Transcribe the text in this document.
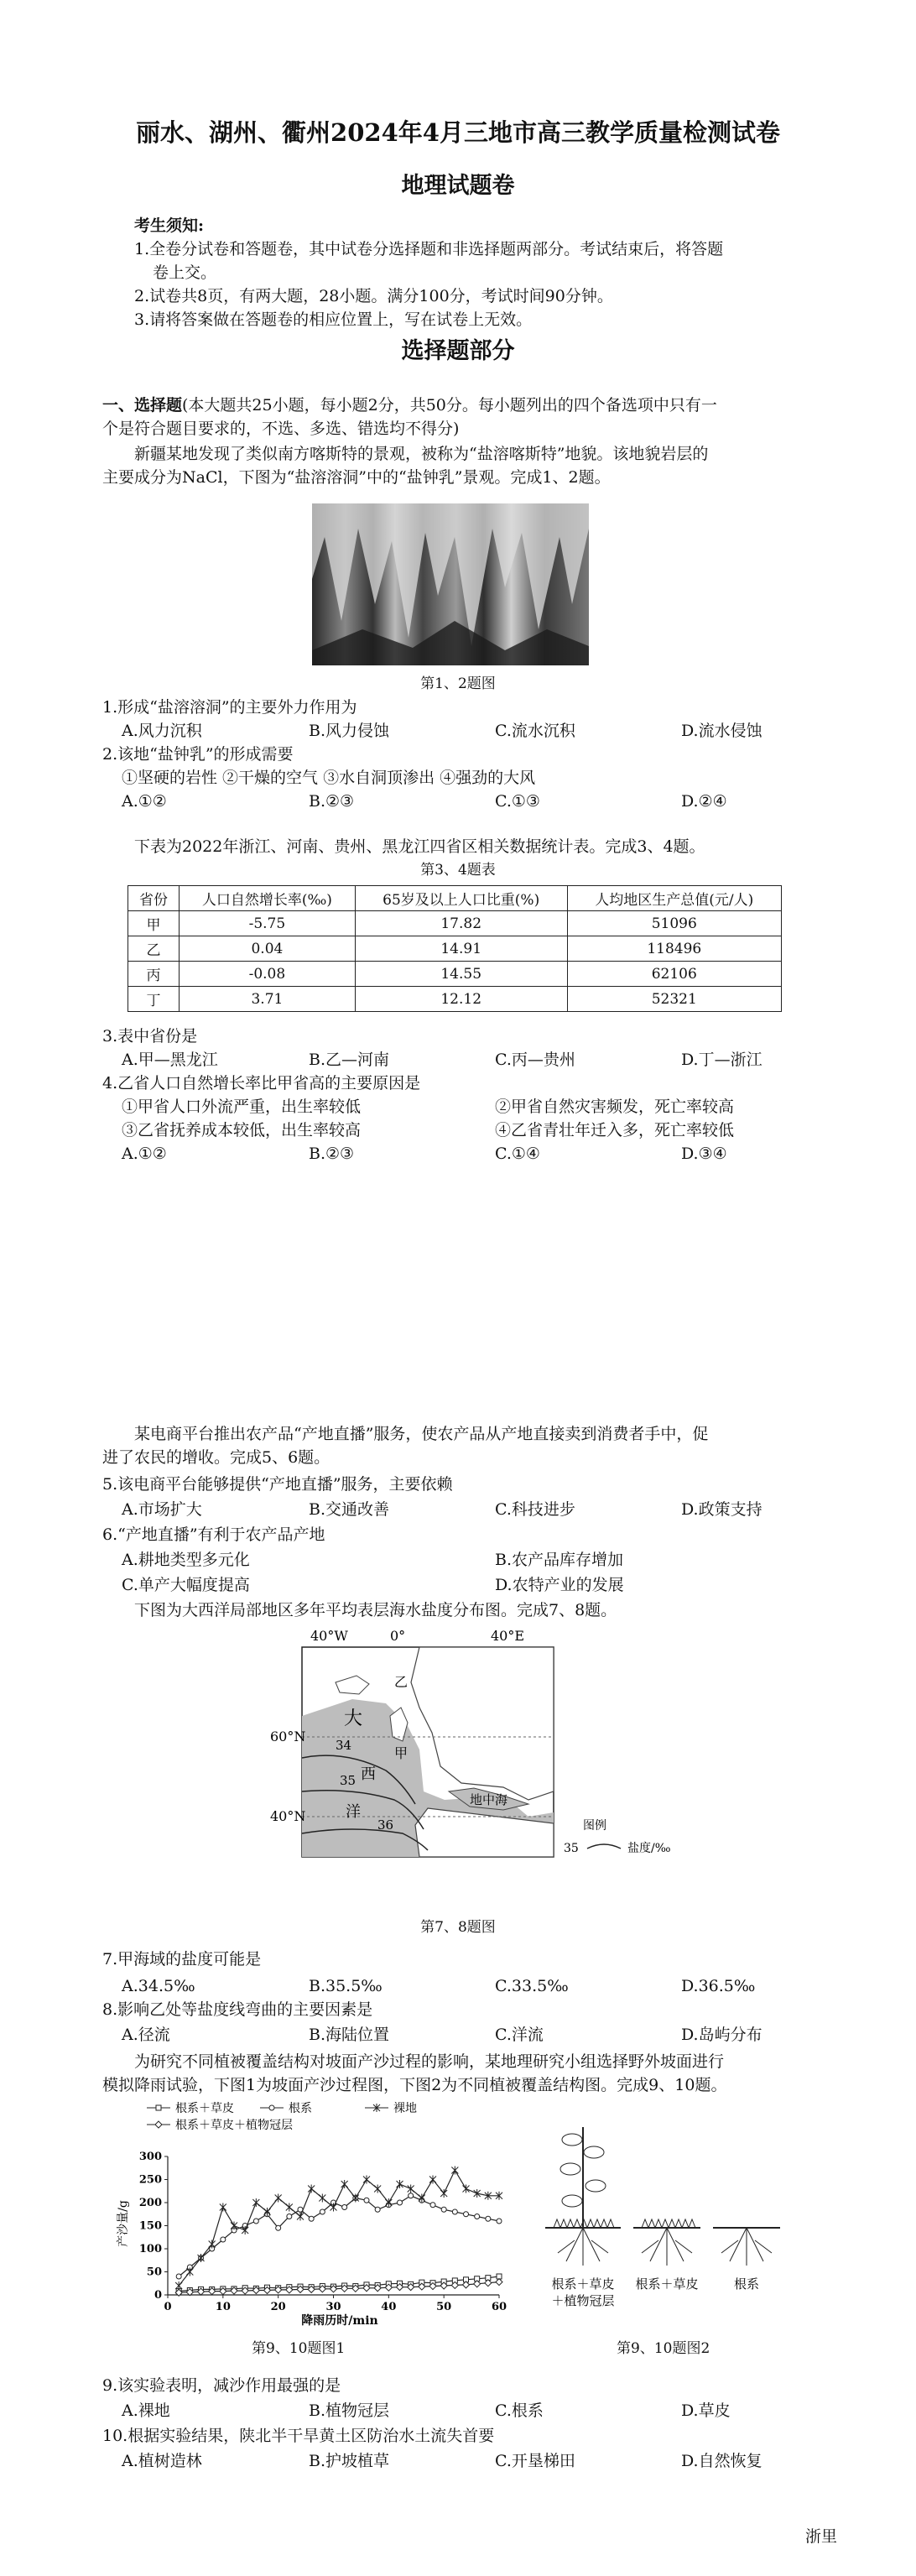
丽水、湖州、衢州2024年4月三地市高三教学质量检测试卷
地理试题卷
考生须知:
1.全卷分试卷和答题卷，其中试卷分选择题和非选择题两部分。考试结束后，将答题
卷上交。
2.试卷共8页，有两大题，28小题。满分100分，考试时间90分钟。
3.请将答案做在答题卷的相应位置上，写在试卷上无效。
选择题部分
一、选择题(本大题共25小题，每小题2分，共50分。每小题列出的四个备选项中只有一
个是符合题目要求的，不选、多选、错选均不得分)
新疆某地发现了类似南方喀斯特的景观，被称为“盐溶喀斯特”地貌。该地貌岩层的
主要成分为NaCl，下图为“盐溶溶洞”中的“盐钟乳”景观。完成1、2题。
第1、2题图
1.形成“盐溶溶洞”的主要外力作用为
A.风力沉积	B.风力侵蚀	C.流水沉积	D.流水侵蚀
2.该地“盐钟乳”的形成需要
①坚硬的岩性 ②干燥的空气 ③水自洞顶渗出 ④强劲的大风
A.①②	B.②③	C.①③	D.②④
下表为2022年浙江、河南、贵州、黑龙江四省区相关数据统计表。完成3、4题。
第3、4题表
省份	人口自然增长率(‰)	65岁及以上人口比重(%)	人均地区生产总值(元/人)
甲	-5.75	17.82	51096
乙	0.04	14.91	118496
丙	-0.08	14.55	62106
丁	3.71	12.12	52321
3.表中省份是
A.甲—黑龙江	B.乙—河南	C.丙—贵州	D.丁—浙江
4.乙省人口自然增长率比甲省高的主要原因是
①甲省人口外流严重，出生率较低	②甲省自然灾害频发，死亡率较高
③乙省抚养成本较低，出生率较高	④乙省青壮年迁入多，死亡率较低
A.①②	B.②③	C.①④	D.③④
某电商平台推出农产品“产地直播”服务，使农产品从产地直接卖到消费者手中，促
进了农民的增收。完成5、6题。
5.该电商平台能够提供“产地直播”服务，主要依赖
A.市场扩大	B.交通改善	C.科技进步	D.政策支持
6.“产地直播”有利于农产品产地
A.耕地类型多元化	B.农产品库存增加
C.单产大幅度提高	D.农特产业的发展
下图为大西洋局部地区多年平均表层海水盐度分布图。完成7、8题。
40°W	0°	40°E
60°N
40°N
34
35
36
大
西
洋
甲
乙
地中海
图例
35	盐度/‰
第7、8题图
7.甲海域的盐度可能是
A.34.5‰	B.35.5‰	C.33.5‰	D.36.5‰
8.影响乙处等盐度线弯曲的主要因素是
A.径流	B.海陆位置	C.洋流	D.岛屿分布
为研究不同植被覆盖结构对坡面产沙过程的影响，某地理研究小组选择野外坡面进行
模拟降雨试验，下图1为坡面产沙过程图，下图2为不同植被覆盖结构图。完成9、10题。
根系＋草皮	根系	裸地
根系＋草皮＋植物冠层
0	10	20	30	40	50	60
0
50
100
150
200
250
300
产沙量/g
降雨历时/min
根系＋草皮
＋植物冠层
根系＋草皮	根系
第9、10题图1	第9、10题图2
9.该实验表明，减沙作用最强的是
A.裸地	B.植物冠层	C.根系	D.草皮
10.根据实验结果，陕北半干旱黄土区防治水土流失首要
A.植树造林	B.护坡植草	C.开垦梯田	D.自然恢复
浙里
